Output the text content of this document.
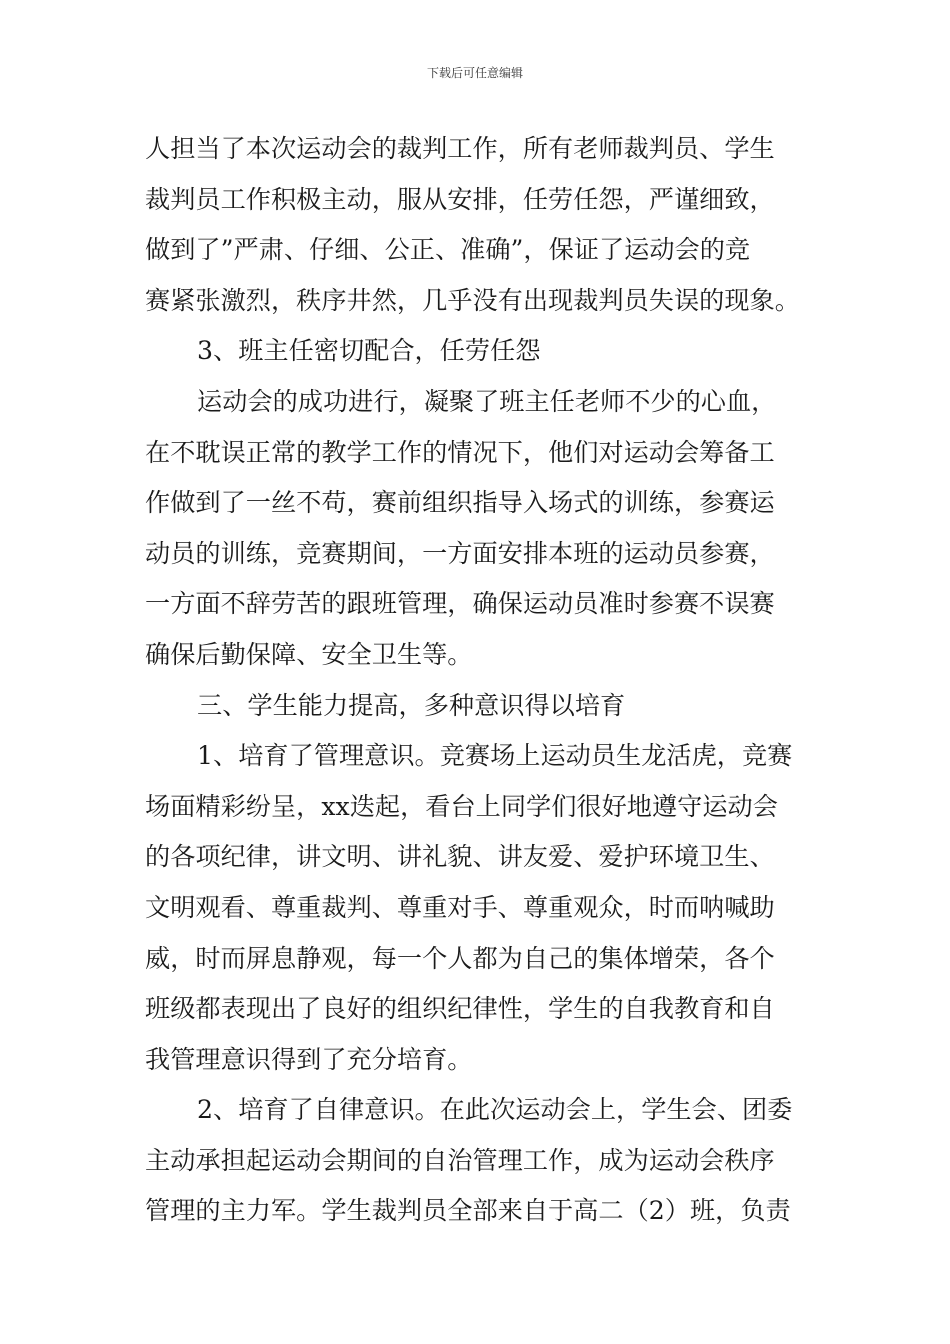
下载后可任意编辑
人担当了本次运动会的裁判工作，所有老师裁判员、学生
裁判员工作积极主动，服从安排，任劳任怨，严谨细致，
做到了”严肃、仔细、公正、准确”，保证了运动会的竞
赛紧张激烈，秩序井然，几乎没有出现裁判员失误的现象。
3、班主任密切配合，任劳任怨
运动会的成功进行，凝聚了班主任老师不少的心血，
在不耽误正常的教学工作的情况下，他们对运动会筹备工
作做到了一丝不苟，赛前组织指导入场式的训练，参赛运
动员的训练，竞赛期间，一方面安排本班的运动员参赛，
一方面不辞劳苦的跟班管理，确保运动员准时参赛不误赛
确保后勤保障、安全卫生等。
三、学生能力提高，多种意识得以培育
1、培育了管理意识。竞赛场上运动员生龙活虎，竞赛
场面精彩纷呈，xx迭起，看台上同学们很好地遵守运动会
的各项纪律，讲文明、讲礼貌、讲友爱、爱护环境卫生、
文明观看、尊重裁判、尊重对手、尊重观众，时而呐喊助
威，时而屏息静观，每一个人都为自己的集体增荣，各个
班级都表现出了良好的组织纪律性，学生的自我教育和自
我管理意识得到了充分培育。
2、培育了自律意识。在此次运动会上，学生会、团委
主动承担起运动会期间的自治管理工作，成为运动会秩序
管理的主力军。学生裁判员全部来自于高二（2）班，负责
